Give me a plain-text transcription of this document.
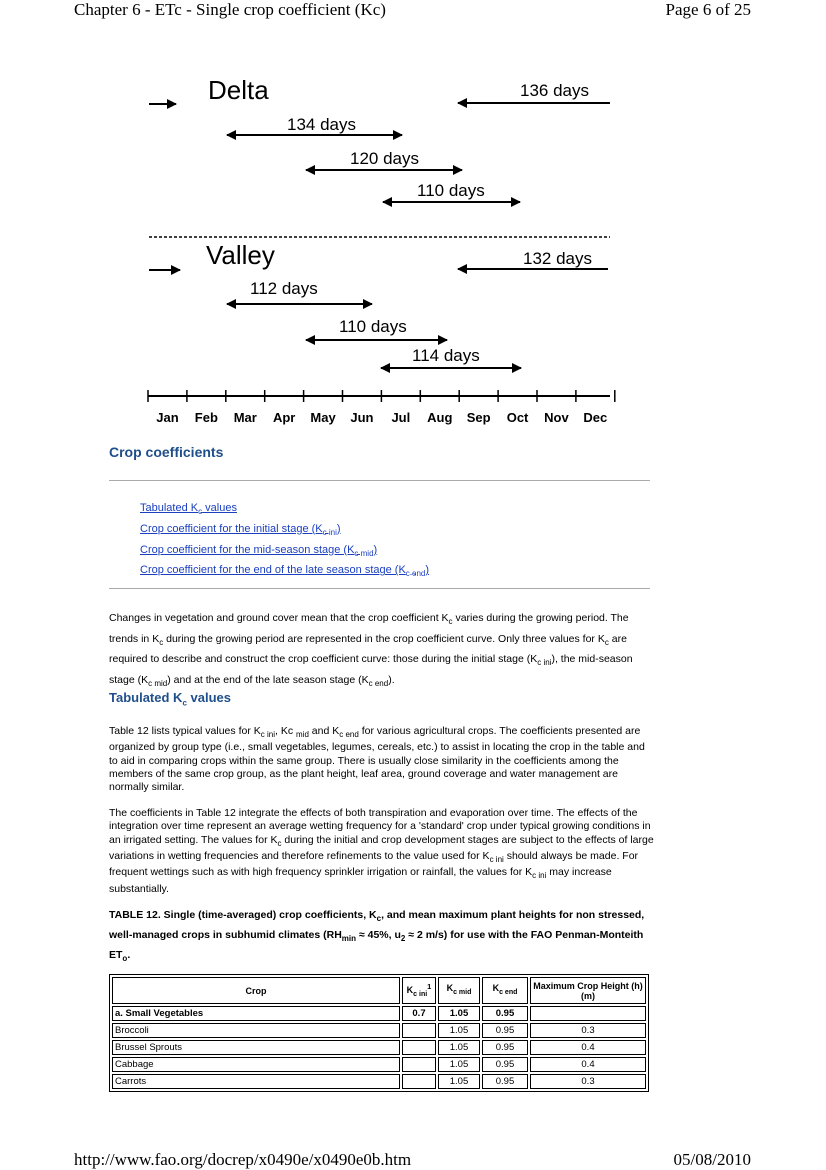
Chapter 6 - ETc - Single crop coefficient (Kc)	Page 6 of 25
Delta	136 days
134 days
120 days
110 days
Valley	132 days
112 days
110 days
114 days
Jan Feb Mar Apr May Jun Jul Aug Sep Oct Nov Dec
Crop coefficients
Tabulated $K_c$ values
Crop coefficient for the initial stage $(K_{c ini})$
Crop coefficient for the mid-season stage $(K_{c mid})$
Crop coefficient for the end of the late season stage $(K_{c end})$

Changes in vegetation and ground cover mean that the crop coefficient $K_c$ varies during the growing period. The trends in $K_c$ during the growing period are represented in the crop coefficient curve. Only three values for $K_c$ are required to describe and construct the crop coefficient curve: those during the initial stage $(K_{c ini})$, the mid-season stage $(K_{c mid})$ and at the end of the late season stage $(K_{c end})$.

Tabulated $K_c$ values

Table 12 lists typical values for $K_{c ini}$, Kc $_{mid}$ and $K_{c end}$ for various agricultural crops. The coefficients presented are organized by group type (i.e., small vegetables, legumes, cereals, etc.) to assist in locating the crop in the table and to aid in comparing crops within the same group. There is usually close similarity in the coefficients among the members of the same crop group, as the plant height, leaf area, ground coverage and water management are normally similar.

The coefficients in Table 12 integrate the effects of both transpiration and evaporation over time. The effects of the integration over time represent an average wetting frequency for a 'standard' crop under typical growing conditions in an irrigated setting. The values for $K_c$ during the initial and crop development stages are subject to the effects of large variations in wetting frequencies and therefore refinements to the value used for $K_{c ini}$ should always be made. For frequent wettings such as with high frequency sprinkler irrigation or rainfall, the values for $K_{c ini}$ may increase substantially.

TABLE 12. Single (time-averaged) crop coefficients, $K_c$, and mean maximum plant heights for non stressed, well-managed crops in subhumid climates ($RH_{min} \approx 45\%$, $u_2 \approx 2$ m/s) for use with the FAO Penman-Monteith $ET_o$.

Crop	$K_{c ini}^1$	$K_{c mid}$	$K_{c end}$	Maximum Crop Height (h) (m)
a. Small Vegetables	0.7	1.05	0.95	
Broccoli		1.05	0.95	0.3
Brussel Sprouts		1.05	0.95	0.4
Cabbage		1.05	0.95	0.4
Carrots		1.05	0.95	0.3
http://www.fao.org/docrep/x0490e/x0490e0b.htm	05/08/2010
